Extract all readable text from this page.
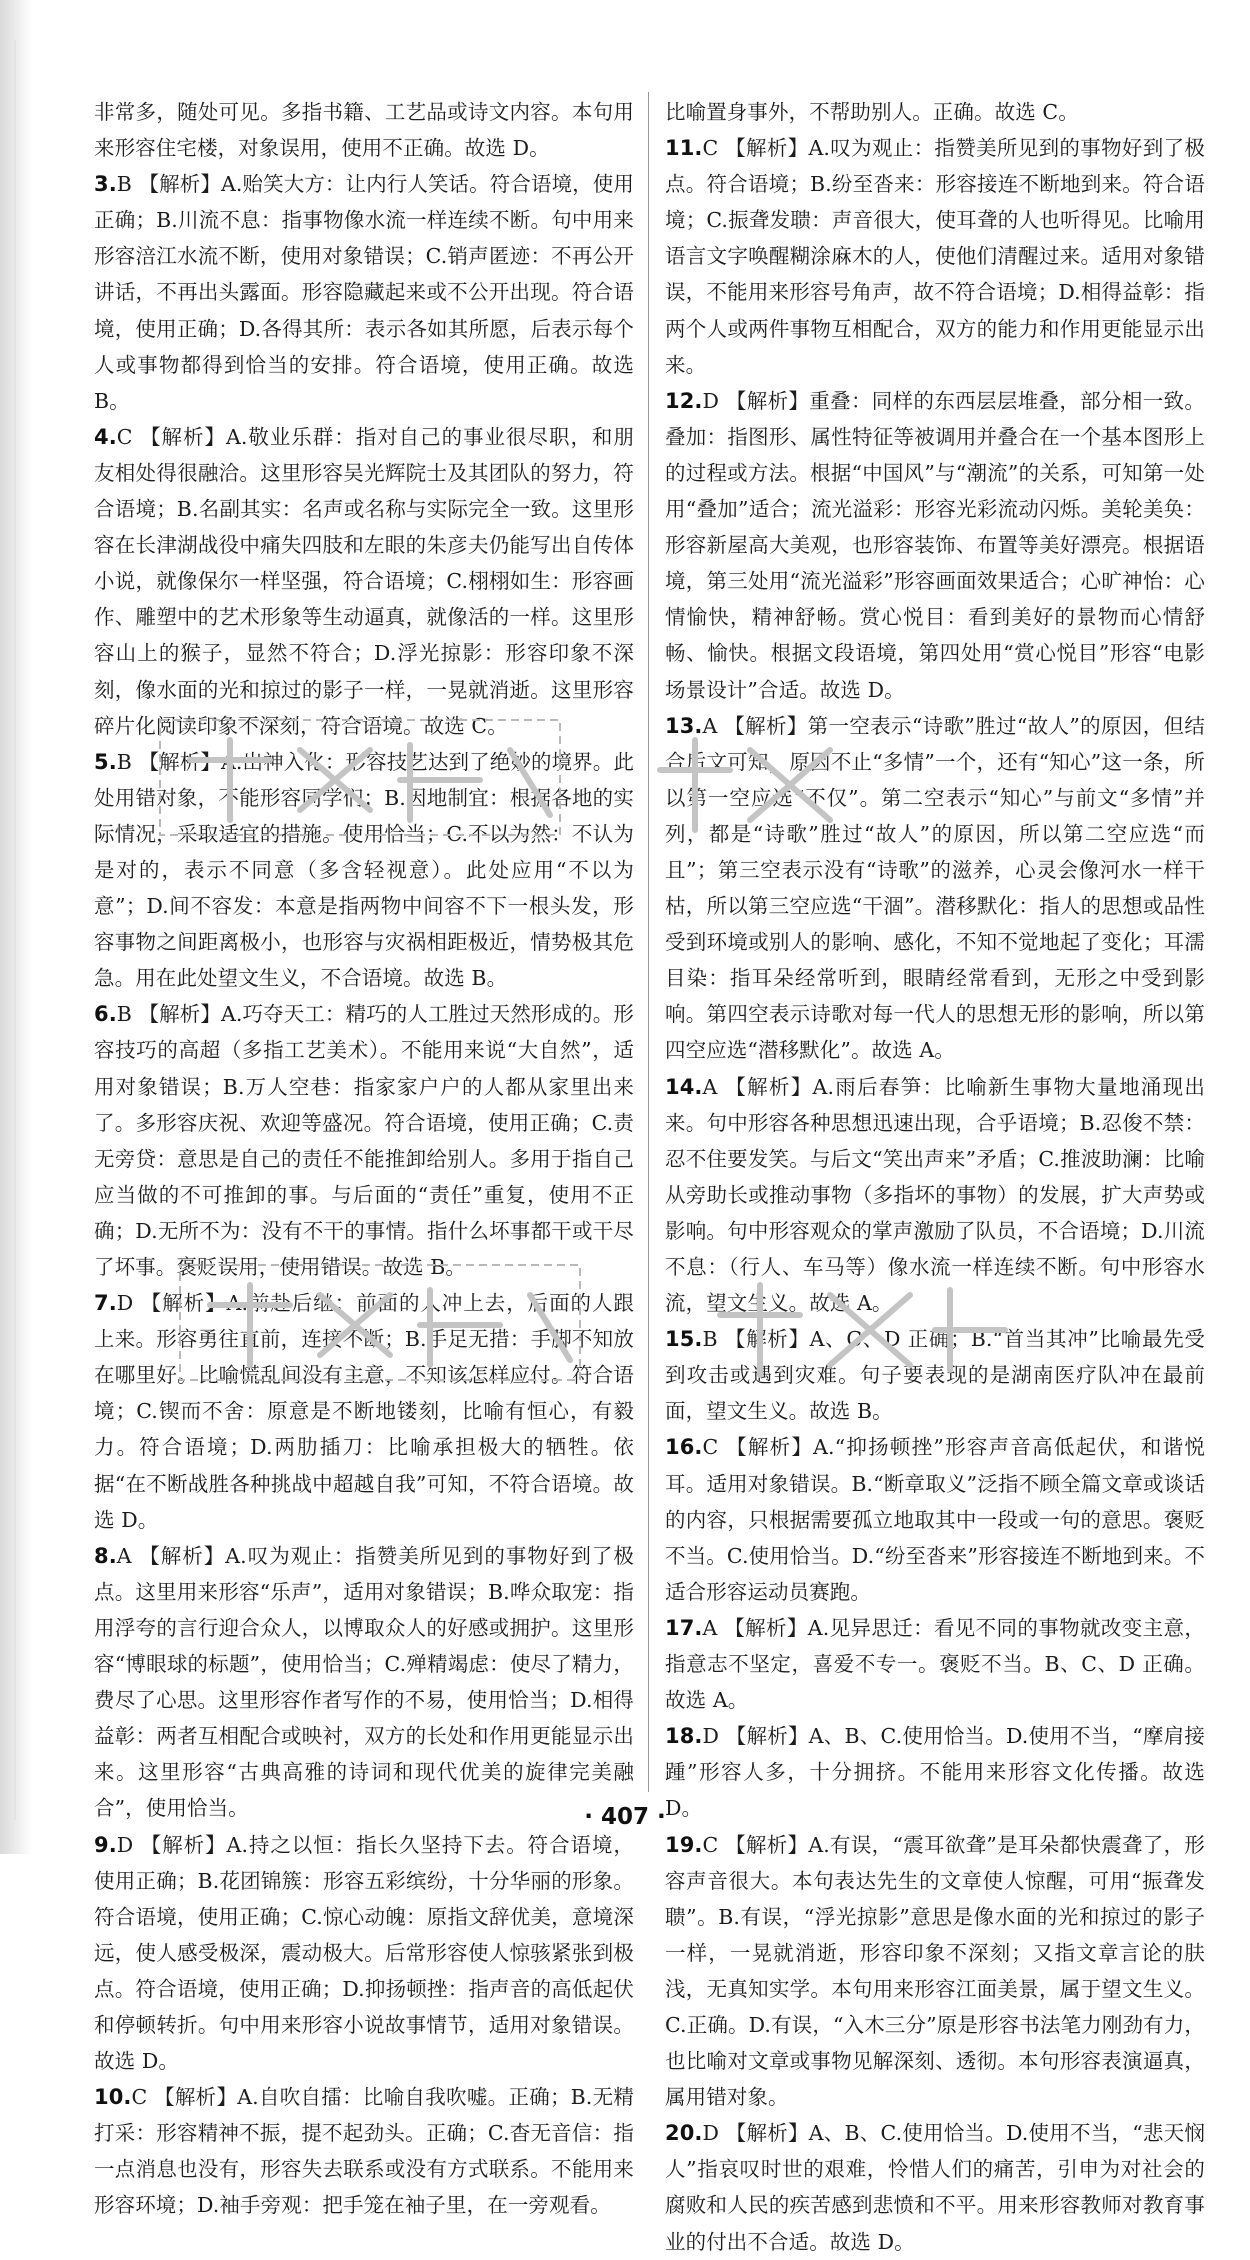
非常多，随处可见。多指书籍、工艺品或诗文内容。本句用来形容住宅楼，对象误用，使用不正确。故选 D。

3.B 【解析】A.贻笑大方：让内行人笑话。符合语境，使用正确；B.川流不息：指事物像水流一样连续不断。句中用来形容涪江水流不断，使用对象错误；C.销声匿迹：不再公开讲话，不再出头露面。形容隐藏起来或不公开出现。符合语境，使用正确；D.各得其所：表示各如其所愿，后表示每个人或事物都得到恰当的安排。符合语境，使用正确。故选 B。

4.C 【解析】A.敬业乐群：指对自己的事业很尽职，和朋友相处得很融洽。这里形容吴光辉院士及其团队的努力，符合语境；B.名副其实：名声或名称与实际完全一致。这里形容在长津湖战役中痛失四肢和左眼的朱彦夫仍能写出自传体小说，就像保尔一样坚强，符合语境；C.栩栩如生：形容画作、雕塑中的艺术形象等生动逼真，就像活的一样。这里形容山上的猴子，显然不符合；D.浮光掠影：形容印象不深刻，像水面的光和掠过的影子一样，一晃就消逝。这里形容碎片化阅读印象不深刻，符合语境。故选 C。

5.B 【解析】A.出神入化：形容技艺达到了绝妙的境界。此处用错对象，不能形容同学们；B.因地制宜：根据各地的实际情况，采取适宜的措施。使用恰当；C.不以为然：不认为是对的，表示不同意（多含轻视意）。此处应用“不以为意”；D.间不容发：本意是指两物中间容不下一根头发，形容事物之间距离极小，也形容与灾祸相距极近，情势极其危急。用在此处望文生义，不合语境。故选 B。

6.B 【解析】A.巧夺天工：精巧的人工胜过天然形成的。形容技巧的高超（多指工艺美术）。不能用来说“大自然”，适用对象错误；B.万人空巷：指家家户户的人都从家里出来了。多形容庆祝、欢迎等盛况。符合语境，使用正确；C.责无旁贷：意思是自己的责任不能推卸给别人。多用于指自己应当做的不可推卸的事。与后面的“责任”重复，使用不正确；D.无所不为：没有不干的事情。指什么坏事都干或干尽了坏事。褒贬误用，使用错误。故选 B。

7.D 【解析】A.前赴后继：前面的人冲上去，后面的人跟上来。形容勇往直前，连接不断；B.手足无措：手脚不知放在哪里好。比喻慌乱间没有主意，不知该怎样应付。符合语境；C.锲而不舍：原意是不断地镂刻，比喻有恒心，有毅力。符合语境；D.两肋插刀：比喻承担极大的牺牲。依据“在不断战胜各种挑战中超越自我”可知，不符合语境。故选 D。

8.A 【解析】A.叹为观止：指赞美所见到的事物好到了极点。这里用来形容“乐声”，适用对象错误；B.哗众取宠：指用浮夸的言行迎合众人，以博取众人的好感或拥护。这里形容“博眼球的标题”，使用恰当；C.殚精竭虑：使尽了精力，费尽了心思。这里形容作者写作的不易，使用恰当；D.相得益彰：两者互相配合或映衬，双方的长处和作用更能显示出来。这里形容“古典高雅的诗词和现代优美的旋律完美融合”，使用恰当。

9.D 【解析】A.持之以恒：指长久坚持下去。符合语境，使用正确；B.花团锦簇：形容五彩缤纷，十分华丽的形象。符合语境，使用正确；C.惊心动魄：原指文辞优美，意境深远，使人感受极深，震动极大。后常形容使人惊骇紧张到极点。符合语境，使用正确；D.抑扬顿挫：指声音的高低起伏和停顿转折。句中用来形容小说故事情节，适用对象错误。故选 D。

10.C 【解析】A.自吹自擂：比喻自我吹嘘。正确；B.无精打采：形容精神不振，提不起劲头。正确；C.杳无音信：指一点消息也没有，形容失去联系或没有方式联系。不能用来形容环境；D.袖手旁观：把手笼在袖子里，在一旁观看。

比喻置身事外，不帮助别人。正确。故选 C。

11.C 【解析】A.叹为观止：指赞美所见到的事物好到了极点。符合语境；B.纷至沓来：形容接连不断地到来。符合语境；C.振聋发聩：声音很大，使耳聋的人也听得见。比喻用语言文字唤醒糊涂麻木的人，使他们清醒过来。适用对象错误，不能用来形容号角声，故不符合语境；D.相得益彰：指两个人或两件事物互相配合，双方的能力和作用更能显示出来。

12.D 【解析】重叠：同样的东西层层堆叠，部分相一致。叠加：指图形、属性特征等被调用并叠合在一个基本图形上的过程或方法。根据“中国风”与“潮流”的关系，可知第一处用“叠加”适合；流光溢彩：形容光彩流动闪烁。美轮美奂：形容新屋高大美观，也形容装饰、布置等美好漂亮。根据语境，第三处用“流光溢彩”形容画面效果适合；心旷神怡：心情愉快，精神舒畅。赏心悦目：看到美好的景物而心情舒畅、愉快。根据文段语境，第四处用“赏心悦目”形容“电影场景设计”合适。故选 D。

13.A 【解析】第一空表示“诗歌”胜过“故人”的原因，但结合后文可知，原因不止“多情”一个，还有“知心”这一条，所以第一空应选“不仅”。第二空表示“知心”与前文“多情”并列，都是“诗歌”胜过“故人”的原因，所以第二空应选“而且”；第三空表示没有“诗歌”的滋养，心灵会像河水一样干枯，所以第三空应选“干涸”。潜移默化：指人的思想或品性受到环境或别人的影响、感化，不知不觉地起了变化；耳濡目染：指耳朵经常听到，眼睛经常看到，无形之中受到影响。第四空表示诗歌对每一代人的思想无形的影响，所以第四空应选“潜移默化”。故选 A。

14.A 【解析】A.雨后春笋：比喻新生事物大量地涌现出来。句中形容各种思想迅速出现，合乎语境；B.忍俊不禁：忍不住要发笑。与后文“笑出声来”矛盾；C.推波助澜：比喻从旁助长或推动事物（多指坏的事物）的发展，扩大声势或影响。句中形容观众的掌声激励了队员，不合语境；D.川流不息：（行人、车马等）像水流一样连续不断。句中形容水流，望文生义。故选 A。

15.B 【解析】A、C、D 正确；B.“首当其冲”比喻最先受到攻击或遇到灾难。句子要表现的是湖南医疗队冲在最前面，望文生义。故选 B。

16.C 【解析】A.“抑扬顿挫”形容声音高低起伏，和谐悦耳。适用对象错误。B.“断章取义”泛指不顾全篇文章或谈话的内容，只根据需要孤立地取其中一段或一句的意思。褒贬不当。C.使用恰当。D.“纷至沓来”形容接连不断地到来。不适合形容运动员赛跑。

17.A 【解析】A.见异思迁：看见不同的事物就改变主意，指意志不坚定，喜爱不专一。褒贬不当。B、C、D 正确。故选 A。

18.D 【解析】A、B、C.使用恰当。D.使用不当，“摩肩接踵”形容人多，十分拥挤。不能用来形容文化传播。故选 D。

19.C 【解析】A.有误，“震耳欲聋”是耳朵都快震聋了，形容声音很大。本句表达先生的文章使人惊醒，可用“振聋发聩”。B.有误，“浮光掠影”意思是像水面的光和掠过的影子一样，一晃就消逝，形容印象不深刻；又指文章言论的肤浅，无真知实学。本句用来形容江面美景，属于望文生义。C.正确。D.有误，“入木三分”原是形容书法笔力刚劲有力，也比喻对文章或事物见解深刻、透彻。本句形容表演逼真，属用错对象。

20.D 【解析】A、B、C.使用恰当。D.使用不当，“悲天悯人”指哀叹时世的艰难，怜惜人们的痛苦，引申为对社会的腐败和人民的疾苦感到悲愤和不平。用来形容教师对教育事业的付出不合适。故选 D。

· 407 ·
